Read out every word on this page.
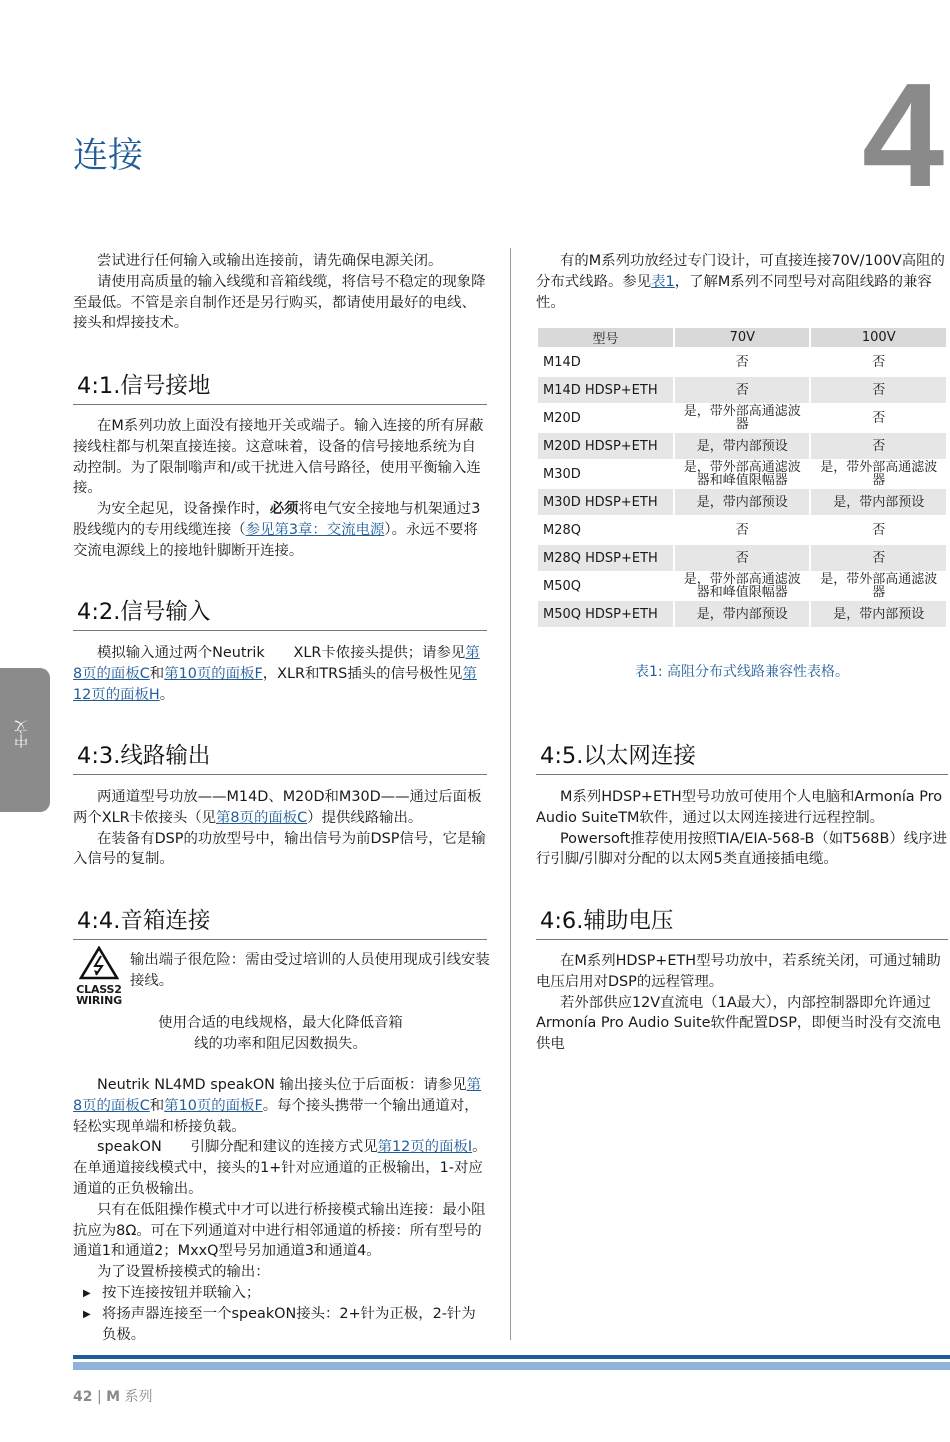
连接	4
中文

尝试进行任何输入或输出连接前，请先确保电源关闭。

请使用高质量的输入线缆和音箱线缆，将信号不稳定的现象降至最低。不管是亲自制作还是另行购买，都请使用最好的电线、接头和焊接技术。

4:1.信号接地

在M系列功放上面没有接地开关或端子。输入连接的所有屏蔽接线柱都与机架直接连接。这意味着，设备的信号接地系统为自动控制。为了限制嗡声和/或干扰进入信号路径，使用平衡输入连接。

为安全起见，设备操作时，必须将电气安全接地与机架通过3股线缆内的专用线缆连接（参见第3章：交流电源）。永远不要将交流电源线上的接地针脚断开连接。

4:2.信号输入

模拟输入通过两个Neutrik　　XLR卡侬接头提供；请参见第8页的面板C和第10页的面板F，XLR和TRS插头的信号极性见第12页的面板H。

4:3.线路输出

两通道型号功放——M14D、M20D和M30D——通过后面板两个XLR卡侬接头（见第8页的面板C）提供线路输出。

在装备有DSP的功放型号中，输出信号为前DSP信号，它是输入信号的复制。

4:4.音箱连接
CLASS2
WIRING

输出端子很危险：需由受过培训的人员使用现成引线安装接线。

使用合适的电线规格，最大化降低音箱

线的功率和阻尼因数损失。

Neutrik NL4MD speakON 输出接头位于后面板：请参见第8页的面板C和第10页的面板F。每个接头携带一个输出通道对，轻松实现单端和桥接负载。

speakON　　引脚分配和建议的连接方式见第12页的面板I。在单通道接线模式中，接头的1+针对应通道的正极输出，1-对应通道的正负极输出。

只有在低阻操作模式中才可以进行桥接模式输出连接：最小阻抗应为8Ω。可在下列通道对中进行相邻通道的桥接：所有型号的通道1和通道2；MxxQ型号另加通道3和通道4。

为了设置桥接模式的输出：

▶ 按下连接按钮并联输入；

▶ 将扬声器连接至一个speakON接头：2+针为正极，2-针为负极。

有的M系列功放经过专门设计，可直接连接70V/100V高阻的分布式线路。参见表1，了解M系列不同型号对高阻线路的兼容性。

型号	70V	100V
M14D	否	否
M14D HDSP+ETH	否	否
M20D	是，带外部高通滤波器	否
M20D HDSP+ETH	是，带内部预设	否
M30D	是，带外部高通滤波器和峰值限幅器	是，带外部高通滤波器
M30D HDSP+ETH	是，带内部预设	是，带内部预设
M28Q	否	否
M28Q HDSP+ETH	否	否
M50Q	是，带外部高通滤波器和峰值限幅器	是，带外部高通滤波器
M50Q HDSP+ETH	是，带内部预设	是，带内部预设
表1: 高阻分布式线路兼容性表格。
4:5.以太网连接

M系列HDSP+ETH型号功放可使用个人电脑和Armonía Pro Audio SuiteTM软件，通过以太网连接进行远程控制。

Powersoft推荐使用按照TIA/EIA-568-B（如T568B）线序进行引脚/引脚对分配的以太网5类直通接插电缆。

4:6.辅助电压

在M系列HDSP+ETH型号功放中，若系统关闭，可通过辅助电压启用对DSP的远程管理。

若外部供应12V直流电（1A最大），内部控制器即允许通过Armonía Pro Audio Suite软件配置DSP，即便当时没有交流电供电

42 | M 系列
